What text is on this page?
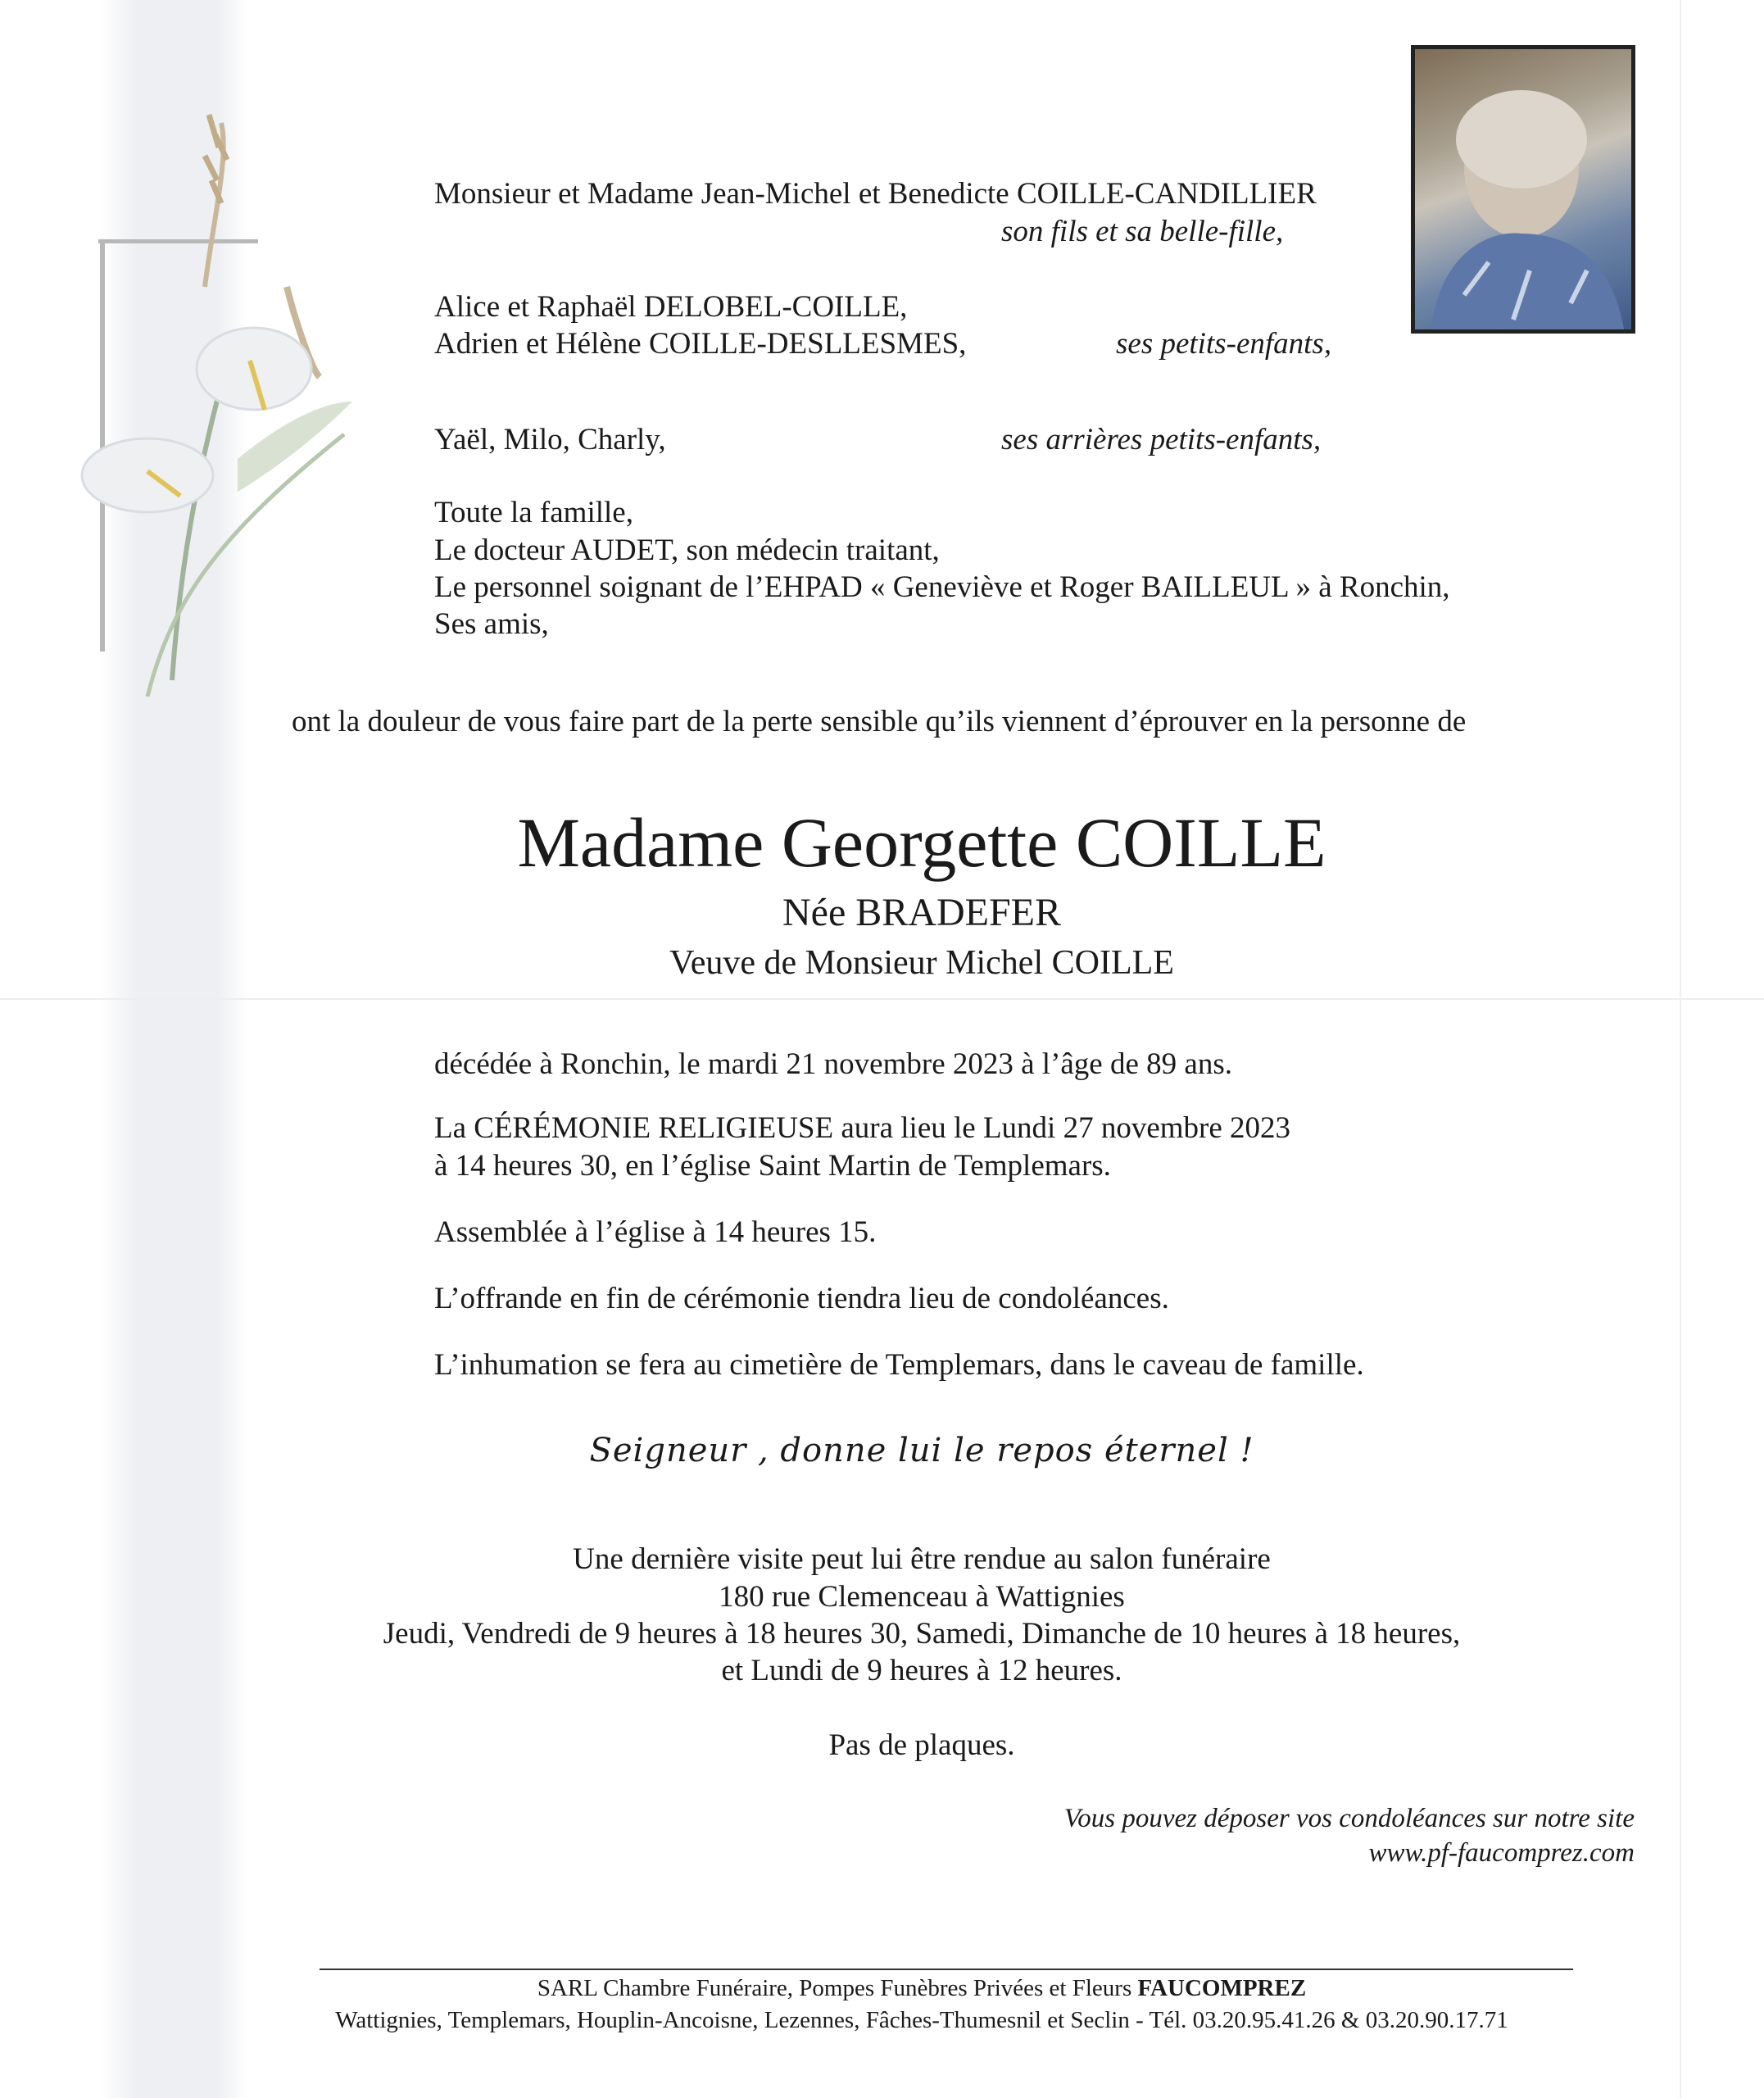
Monsieur et Madame Jean-Michel et Benedicte COILLE-CANDILLIER
son fils et sa belle-fille,
Alice et Raphaël DELOBEL-COILLE,
Adrien et Hélène COILLE-DESLLESMES,	ses petits-enfants,
Yaël, Milo, Charly,	ses arrières petits-enfants,
Toute la famille,
Le docteur AUDET, son médecin traitant,
Le personnel soignant de l’EHPAD « Geneviève et Roger BAILLEUL » à Ronchin,
Ses amis,
ont la douleur de vous faire part de la perte sensible qu’ils viennent d’éprouver en la personne de
Madame Georgette COILLE
Née BRADEFER
Veuve de Monsieur Michel COILLE
décédée à Ronchin, le mardi 21 novembre 2023 à l’âge de 89 ans.
La CÉRÉMONIE RELIGIEUSE aura lieu le Lundi 27 novembre 2023
à 14 heures 30, en l’église Saint Martin de Templemars.
Assemblée à l’église à 14 heures 15.
L’offrande en fin de cérémonie tiendra lieu de condoléances.
L’inhumation se fera au cimetière de Templemars, dans le caveau de famille.
Seigneur , donne lui le repos éternel !
Une dernière visite peut lui être rendue au salon funéraire
180 rue Clemenceau à Wattignies
Jeudi, Vendredi de 9 heures à 18 heures 30, Samedi, Dimanche de 10 heures à 18 heures,
et Lundi de 9 heures à 12 heures.
Pas de plaques.
Vous pouvez déposer vos condoléances sur notre site
www.pf-faucomprez.com
SARL Chambre Funéraire, Pompes Funèbres Privées et Fleurs FAUCOMPREZ
Wattignies, Templemars, Houplin-Ancoisne, Lezennes, Fâches-Thumesnil et Seclin - Tél. 03.20.95.41.26 & 03.20.90.17.71
